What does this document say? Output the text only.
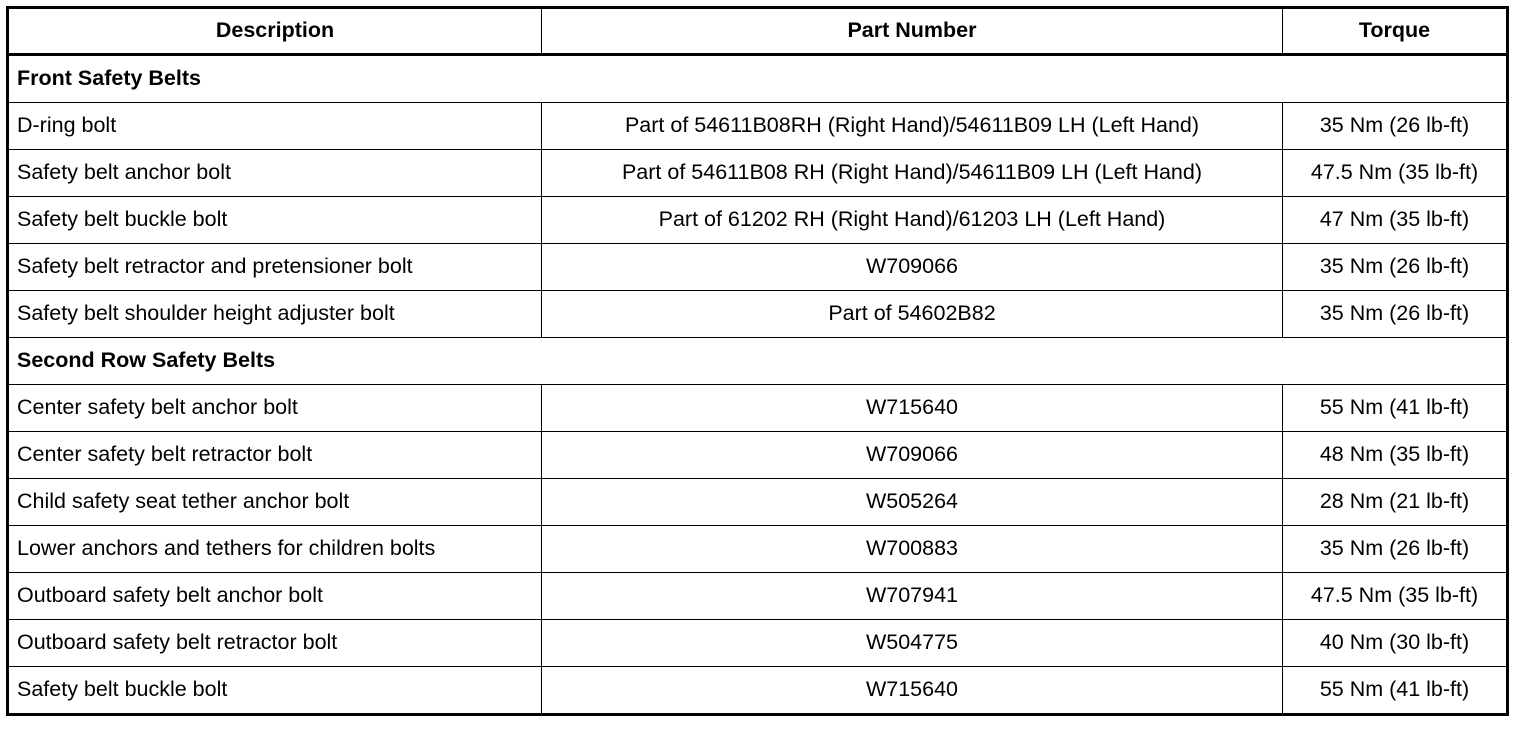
Description	Part Number	Torque
Front Safety Belts		
D-ring bolt	Part of 54611B08RH (Right Hand)/54611B09 LH (Left Hand)	35 Nm (26 lb-ft)
Safety belt anchor bolt	Part of 54611B08 RH (Right Hand)/54611B09 LH (Left Hand)	47.5 Nm (35 lb-ft)
Safety belt buckle bolt	Part of 61202 RH (Right Hand)/61203 LH (Left Hand)	47 Nm (35 lb-ft)
Safety belt retractor and pretensioner bolt	W709066	35 Nm (26 lb-ft)
Safety belt shoulder height adjuster bolt	Part of 54602B82	35 Nm (26 lb-ft)
Second Row Safety Belts		
Center safety belt anchor bolt	W715640	55 Nm (41 lb-ft)
Center safety belt retractor bolt	W709066	48 Nm (35 lb-ft)
Child safety seat tether anchor bolt	W505264	28 Nm (21 lb-ft)
Lower anchors and tethers for children bolts	W700883	35 Nm (26 lb-ft)
Outboard safety belt anchor bolt	W707941	47.5 Nm (35 lb-ft)
Outboard safety belt retractor bolt	W504775	40 Nm (30 lb-ft)
Safety belt buckle bolt	W715640	55 Nm (41 lb-ft)
